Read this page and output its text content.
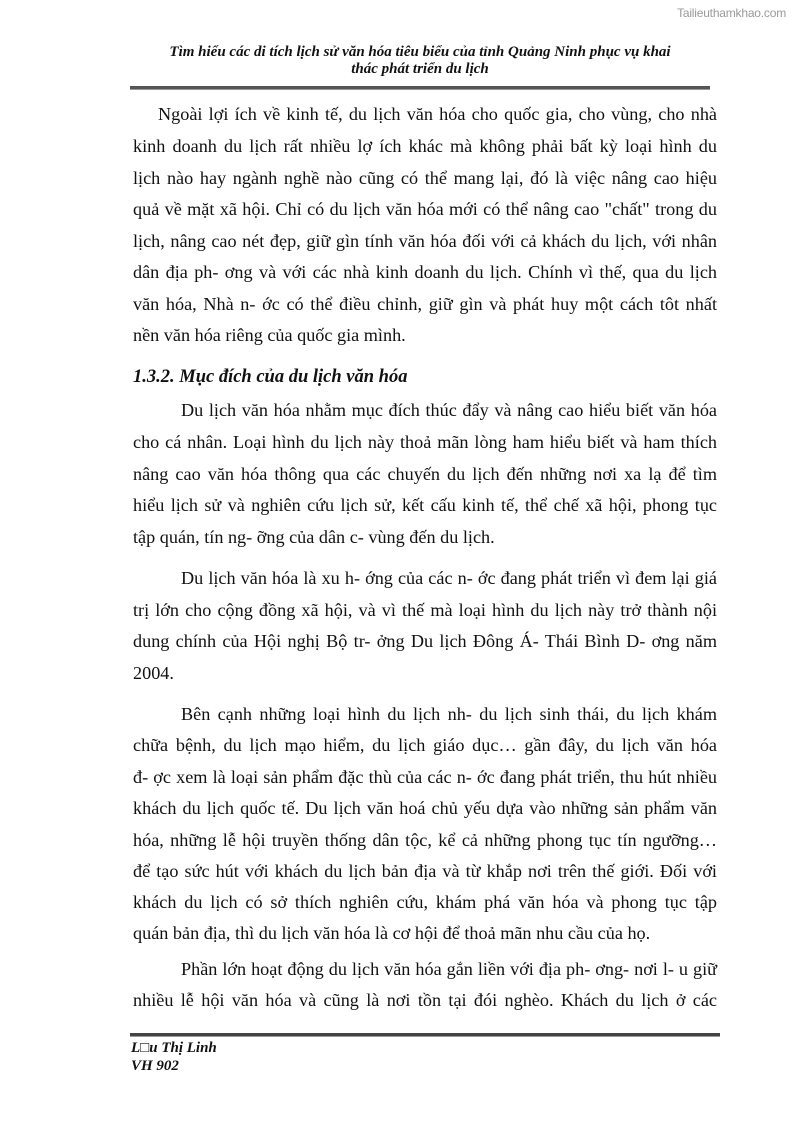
Tailieuthamkhao.com
Tìm hiểu các di tích lịch sử văn hóa tiêu biểu của tỉnh Quảng Ninh phục vụ khai
thác phát triển du lịch
Ngoài lợi ích về kinh tế, du lịch văn hóa cho quốc gia, cho vùng, cho nhà
kinh doanh du lịch rất nhiều lợ ích khác mà không phải bất kỳ loại hình du
lịch nào hay ngành nghề nào cũng có thể mang lại, đó là việc nâng cao hiệu
quả về mặt xã hội. Chỉ có du lịch văn hóa mới có thể nâng cao "chất" trong du
lịch, nâng cao nét đẹp, giữ gìn tính văn hóa đối với cả khách du lịch, với nhân
dân địa ph- ơng và với các nhà kinh doanh du lịch. Chính vì thế, qua du lịch
văn hóa, Nhà n- ớc có thể điều chỉnh, giữ gìn và phát huy một cách tôt nhất
nền văn hóa riêng của quốc gia mình.
1.3.2. Mục đích của du lịch văn hóa
Du lịch văn hóa nhằm mục đích thúc đẩy và nâng cao hiểu biết văn hóa
cho cá nhân. Loại hình du lịch này thoả mãn lòng ham hiểu biết và ham thích
nâng cao văn hóa thông qua các chuyến du lịch đến những nơi xa lạ để tìm
hiểu lịch sử và nghiên cứu lịch sử, kết cấu kinh tế, thể chế xã hội, phong tục
tập quán, tín ng- ỡng của dân c- vùng đến du lịch.
Du lịch văn hóa là xu h- ớng của các n- ớc đang phát triển vì đem lại giá
trị lớn cho cộng đồng xã hội, và vì thế mà loại hình du lịch này trở thành nội
dung chính của Hội nghị Bộ tr- ởng Du lịch Đông Á- Thái Bình D- ơng năm
2004.
Bên cạnh những loại hình du lịch nh- du lịch sinh thái, du lịch khám
chữa bệnh, du lịch mạo hiểm, du lịch giáo dục… gần đây, du lịch văn hóa
đ- ợc xem là loại sản phẩm đặc thù của các n- ớc đang phát triển, thu hút nhiều
khách du lịch quốc tế. Du lịch văn hoá chủ yếu dựa vào những sản phẩm văn
hóa, những lễ hội truyền thống dân tộc, kể cả những phong tục tín ngưỡng…
để tạo sức hút với khách du lịch bản địa và từ khắp nơi trên thế giới. Đối với
khách du lịch có sở thích nghiên cứu, khám phá văn hóa và phong tục tập
quán bản địa, thì du lịch văn hóa là cơ hội để thoả mãn nhu cầu của họ.
Phần lớn hoạt động du lịch văn hóa gắn liền với địa ph- ơng- nơi l- u giữ
nhiều lễ hội văn hóa và cũng là nơi tồn tại đói nghèo. Khách du lịch ở các
L□u Thị Linh
VH 902
